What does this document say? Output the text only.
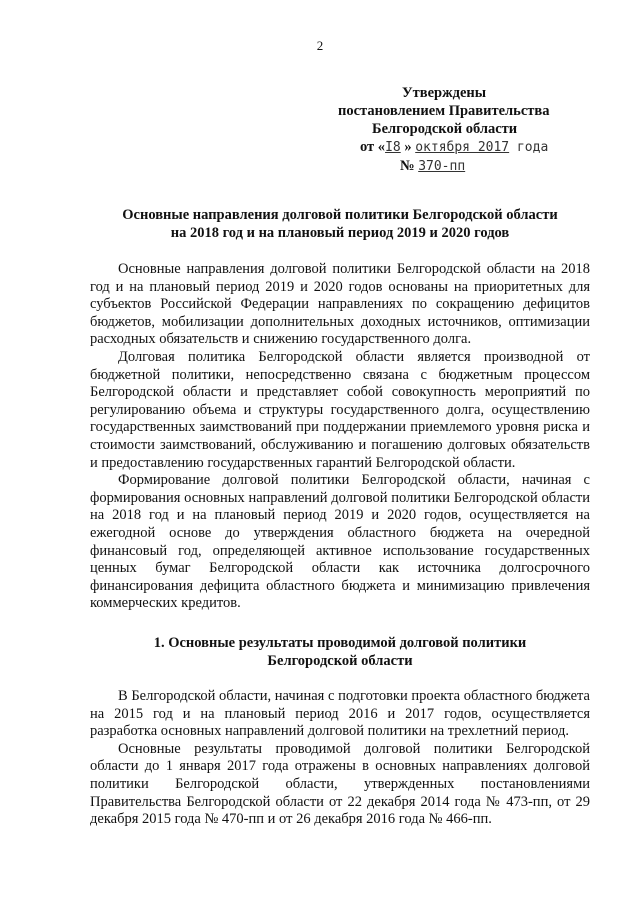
2
Утверждены
постановлением Правительства
Белгородской области
от «I8 » октября 2017 года
№ 370-пп
Основные направления долговой политики Белгородской области
на 2018 год и на плановый период 2019 и 2020 годов

Основные направления долговой политики Белгородской области на 2018 год и на плановый период 2019 и 2020 годов основаны на приоритетных для субъектов Российской Федерации направлениях по сокращению дефицитов бюджетов, мобилизации дополнительных доходных источников, оптимизации расходных обязательств и снижению государственного долга.

Долговая политика Белгородской области является производной от бюджетной политики, непосредственно связана с бюджетным процессом Белгородской области и представляет собой совокупность мероприятий по регулированию объема и структуры государственного долга, осуществлению государственных заимствований при поддержании приемлемого уровня риска и стоимости заимствований, обслуживанию и погашению долговых обязательств и предоставлению государственных гарантий Белгородской области.

Формирование долговой политики Белгородской области, начиная с формирования основных направлений долговой политики Белгородской области на 2018 год и на плановый период 2019 и 2020 годов, осуществляется на ежегодной основе до утверждения областного бюджета на очередной финансовый год, определяющей активное использование государственных ценных бумаг Белгородской области как источника долгосрочного финансирования дефицита областного бюджета и минимизацию привлечения коммерческих кредитов.

1. Основные результаты проводимой долговой политики
Белгородской области

В Белгородской области, начиная с подготовки проекта областного бюджета на 2015 год и на плановый период 2016 и 2017 годов, осуществляется разработка основных направлений долговой политики на трехлетний период.

Основные результаты проводимой долговой политики Белгородской области до 1 января 2017 года отражены в основных направлениях долговой политики Белгородской области, утвержденных постановлениями Правительства Белгородской области от 22 декабря 2014 года № 473-пп, от 29 декабря 2015 года № 470-пп и от 26 декабря 2016 года № 466-пп.
